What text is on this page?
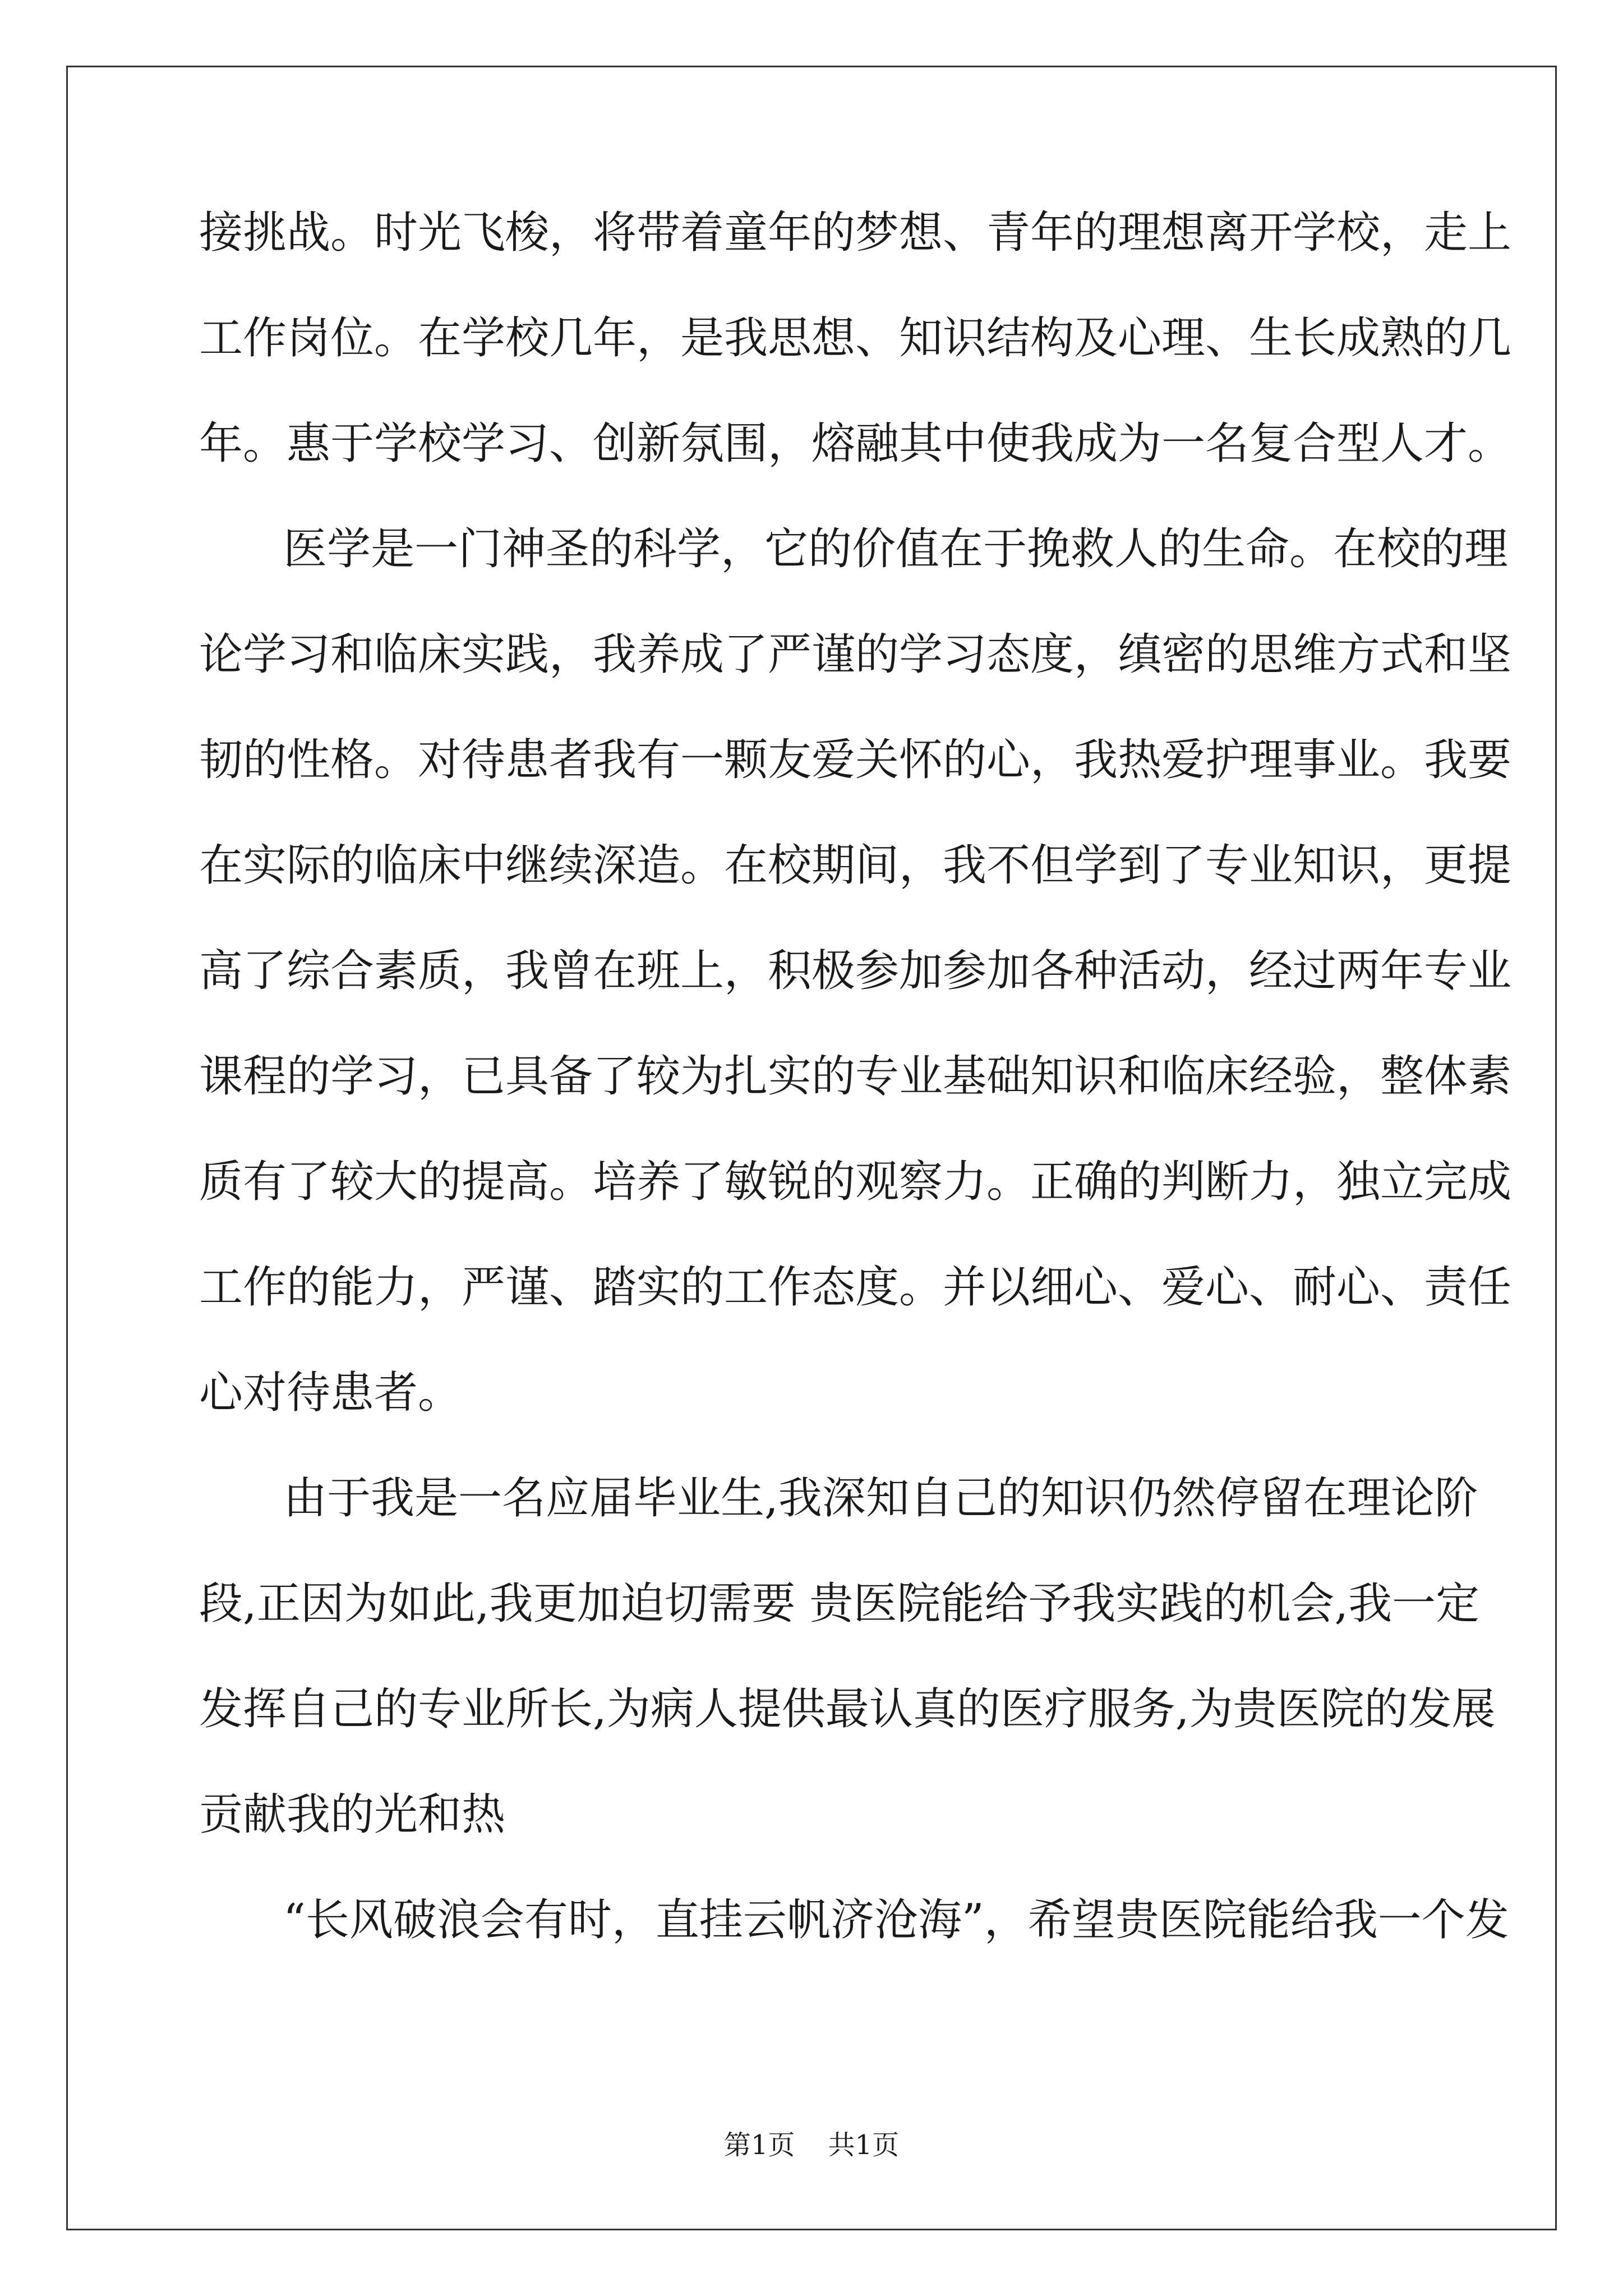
接挑战。时光飞梭，将带着童年的梦想、青年的理想离开学校，走上
工作岗位。在学校几年，是我思想、知识结构及心理、生长成熟的几
年。惠于学校学习、创新氛围，熔融其中使我成为一名复合型人才。
医学是一门神圣的科学，它的价值在于挽救人的生命。在校的理
论学习和临床实践，我养成了严谨的学习态度，缜密的思维方式和坚
韧的性格。对待患者我有一颗友爱关怀的心，我热爱护理事业。我要
在实际的临床中继续深造。在校期间，我不但学到了专业知识，更提
高了综合素质，我曾在班上，积极参加参加各种活动，经过两年专业
课程的学习，已具备了较为扎实的专业基础知识和临床经验，整体素
质有了较大的提高。培养了敏锐的观察力。正确的判断力，独立完成
工作的能力，严谨、踏实的工作态度。并以细心、爱心、耐心、责任
心对待患者。
由于我是一名应届毕业生,我深知自己的知识仍然停留在理论阶
段,正因为如此,我更加迫切需要 贵医院能给予我实践的机会,我一定
发挥自己的专业所长,为病人提供最认真的医疗服务,为贵医院的发展
贡献我的光和热
“长风破浪会有时，直挂云帆济沧海”，希望贵医院能给我一个发
第1页 共1页
